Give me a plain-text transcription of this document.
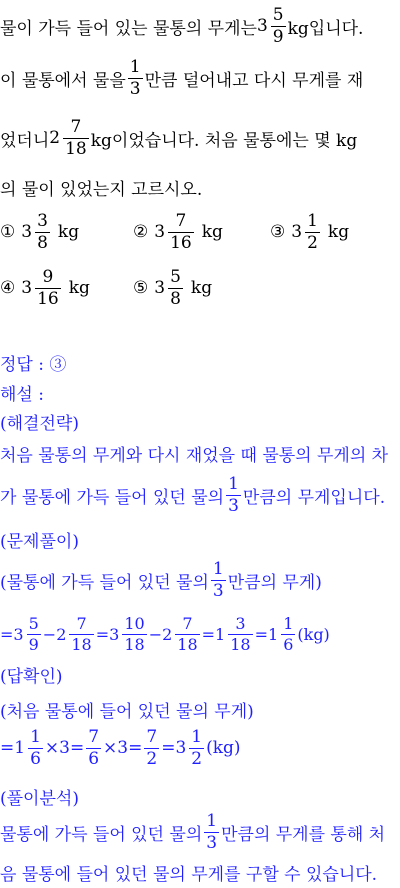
물이 가득 들어 있는 물통의 무게는 $3 \frac{5}{9}$ kg입니다.
이 물통에서 물을 $\frac{1}{3}$ 만큼 덜어내고 다시 무게를 재
었더니 $2 \frac{7}{18}$ kg이었습니다. 처음 물통에는 몇 kg
의 물이 있었는지 고르시오.
① $3 \frac{3}{8}$ kg	② $3 \frac{7}{16}$ kg	③ $3 \frac{1}{2}$ kg
④ $3 \frac{9}{16}$ kg	⑤ $3 \frac{5}{8}$ kg
정답 : ③
해설 :
(해결전략)
처음 물통의 무게와 다시 재었을 때 물통의 무게의 차
가 물통에 가득 들어 있던 물의 $\frac{1}{3}$ 만큼의 무게입니다.
(문제풀이)
(물통에 가득 들어 있던 물의 $\frac{1}{3}$ 만큼의 무게)
= $3 \frac{5}{9} - 2 \frac{7}{18} = 3 \frac{10}{18} - 2 \frac{7}{18} = 1 \frac{3}{18} = 1 \frac{1}{6} (kg)$
(답확인)
(처음 물통에 들어 있던 물의 무게)
= $1 \frac{1}{6} \times 3= \frac{7}{6} \times 3= \frac{7}{2} = 3 \frac{1}{2} (kg)$
(풀이분석)
물통에 가득 들어 있던 물의 $\frac{1}{3}$ 만큼의 무게를 통해 처
음 물통에 들어 있던 물의 무게를 구할 수 있습니다.
